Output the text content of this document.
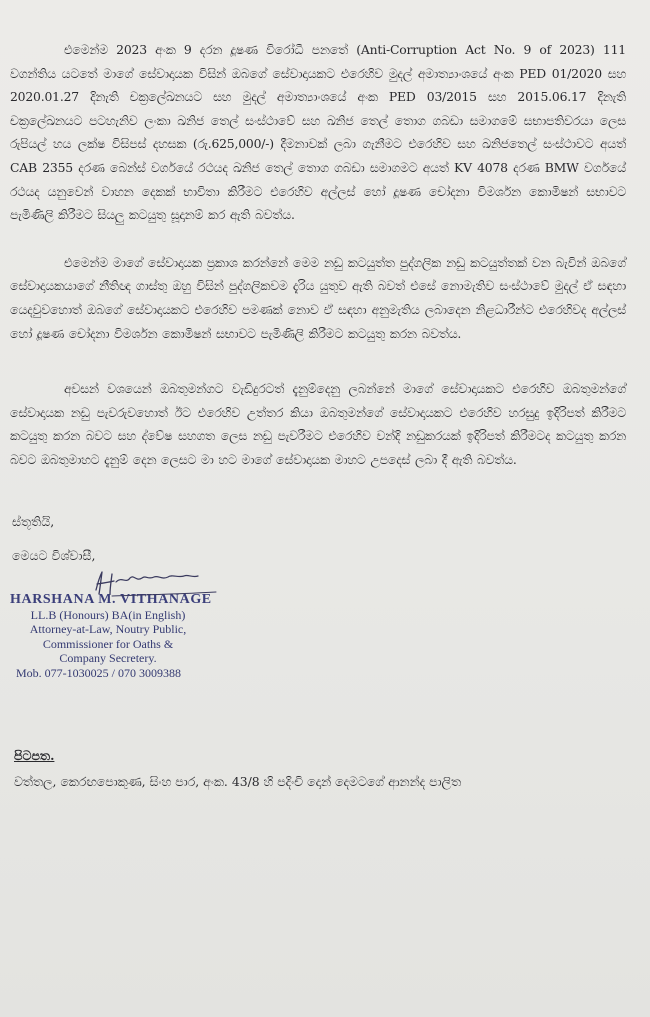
එමෙන්ම 2023 අංක 9 දරන දූෂණ විරෝධී පනතේ (Anti-Corruption Act No. 9 of 2023) 111 වගන්තිය යටතේ මාගේ සේවාදායක විසින් ඔබගේ සේවාදායකට එරෙහිව මුදල් අමාත්‍යාංශයේ අංක PED 01/2020 සහ 2020.01.27 දිනැති චක්‍රලේඛනයට සහ මුදල් අමාත්‍යාංශයේ අංක PED 03/2015 සහ 2015.06.17 දිනැති චක්‍රලේඛනයට පටහැනිව ලංකා ඛනිජ තෙල් සංස්ථාවේ සහ ඛනිජ තෙල් තොග ගබඩා සමාගමේ සභාපතිවරයා ලෙස රුපියල් හය ලක්ෂ විසිපස් දහසක (රු.625,000/-) දීමනාවක් ලබා ගැනීමට එරෙහිව සහ ඛනිජතෙල් සංස්ථාවට අයත් CAB 2355 දරණ බෙන්ස් වර්ගයේ රථයද ඛනිජ තෙල් තොග ගබඩා සමාගමට අයත් KV 4078 දරණ BMW වර්ගයේ රථයද යනුවෙන් වාහන දෙකක් භාවිතා කිරීමට එරෙහිව අල්ලස් හෝ දූෂණ චෝදනා විමර්ශන කොමිෂන් සභාවට පැමිණිලි කිරීමට සියලු කටයුතු සූදානම් කර ඇති බවත්ය.

එමෙන්ම මාගේ සේවාදායක ප්‍රකාශ කරන්නේ මෙම නඩු කටයුත්ත පුද්ගලික නඩු කටයුත්තක් වන බැවින් ඔබගේ සේවාදායකයාගේ නීතිඥ ගාස්තු ඔහු විසින් පුද්ගලිකවම දැරිය යුතුව ඇති බවත් එසේ නොමැතිව සංස්ථාවේ මුදල් ඒ සඳහා යෙදවුවහොත් ඔබගේ සේවාදායකට එරෙහිව පමණක් නොව ඒ සඳහා අනුමැතිය ලබාදෙන නිළධාරීන්ට එරෙහිවද අල්ලස් හෝ දූෂණ චෝදනා විමර්ශන කොමිෂන් සභාවට පැමිණිලි කිරීමට කටයුතු කරන බවත්ය.

අවසන් වශයෙන් ඔබතුමන්ගට වැඩිදුරටත් දැනුම්දෙනු ලබන්නේ මාගේ සේවාදායකට එරෙහිව ඔබතුමන්ගේ සේවාදායක නඩු පැවරුවහොත් ඊට එරෙහිව උත්තර කියා ඔබතුමන්ගේ සේවාදායකට එරෙහිව හරසුදු ඉදිරිපත් කිරීමට කටයුතු කරන බවට සහ ද්වේෂ සහගත ලෙස නඩු පැවරීමට එරෙහිව වන්දි නඩුකරයක් ඉදිරිපත් කිරීමටද කටයුතු කරන බවට ඔබතුමාහට දැනුම් දෙන ලෙසට මා හට මාගේ සේවාදායක මාහට උපදෙස් ලබා දී ඇති බවත්ය.

ස්තූතියි,
මෙයට විශ්වාසී,
HARSHANA M. VITHANAGE
LL.B (Honours) BA(in English)
Attorney-at-Law, Noutry Public,
Commissioner for Oaths &
Company Secretery.
Mob. 077-1030025 / 070 3009388
පිටපත.
වත්තල, කෙරඟපොකුණ, සිංහ පාර, අංක. 43/8 හි පදිංචි දොන් දෙමටගේ ආනන්ද පාලිත
